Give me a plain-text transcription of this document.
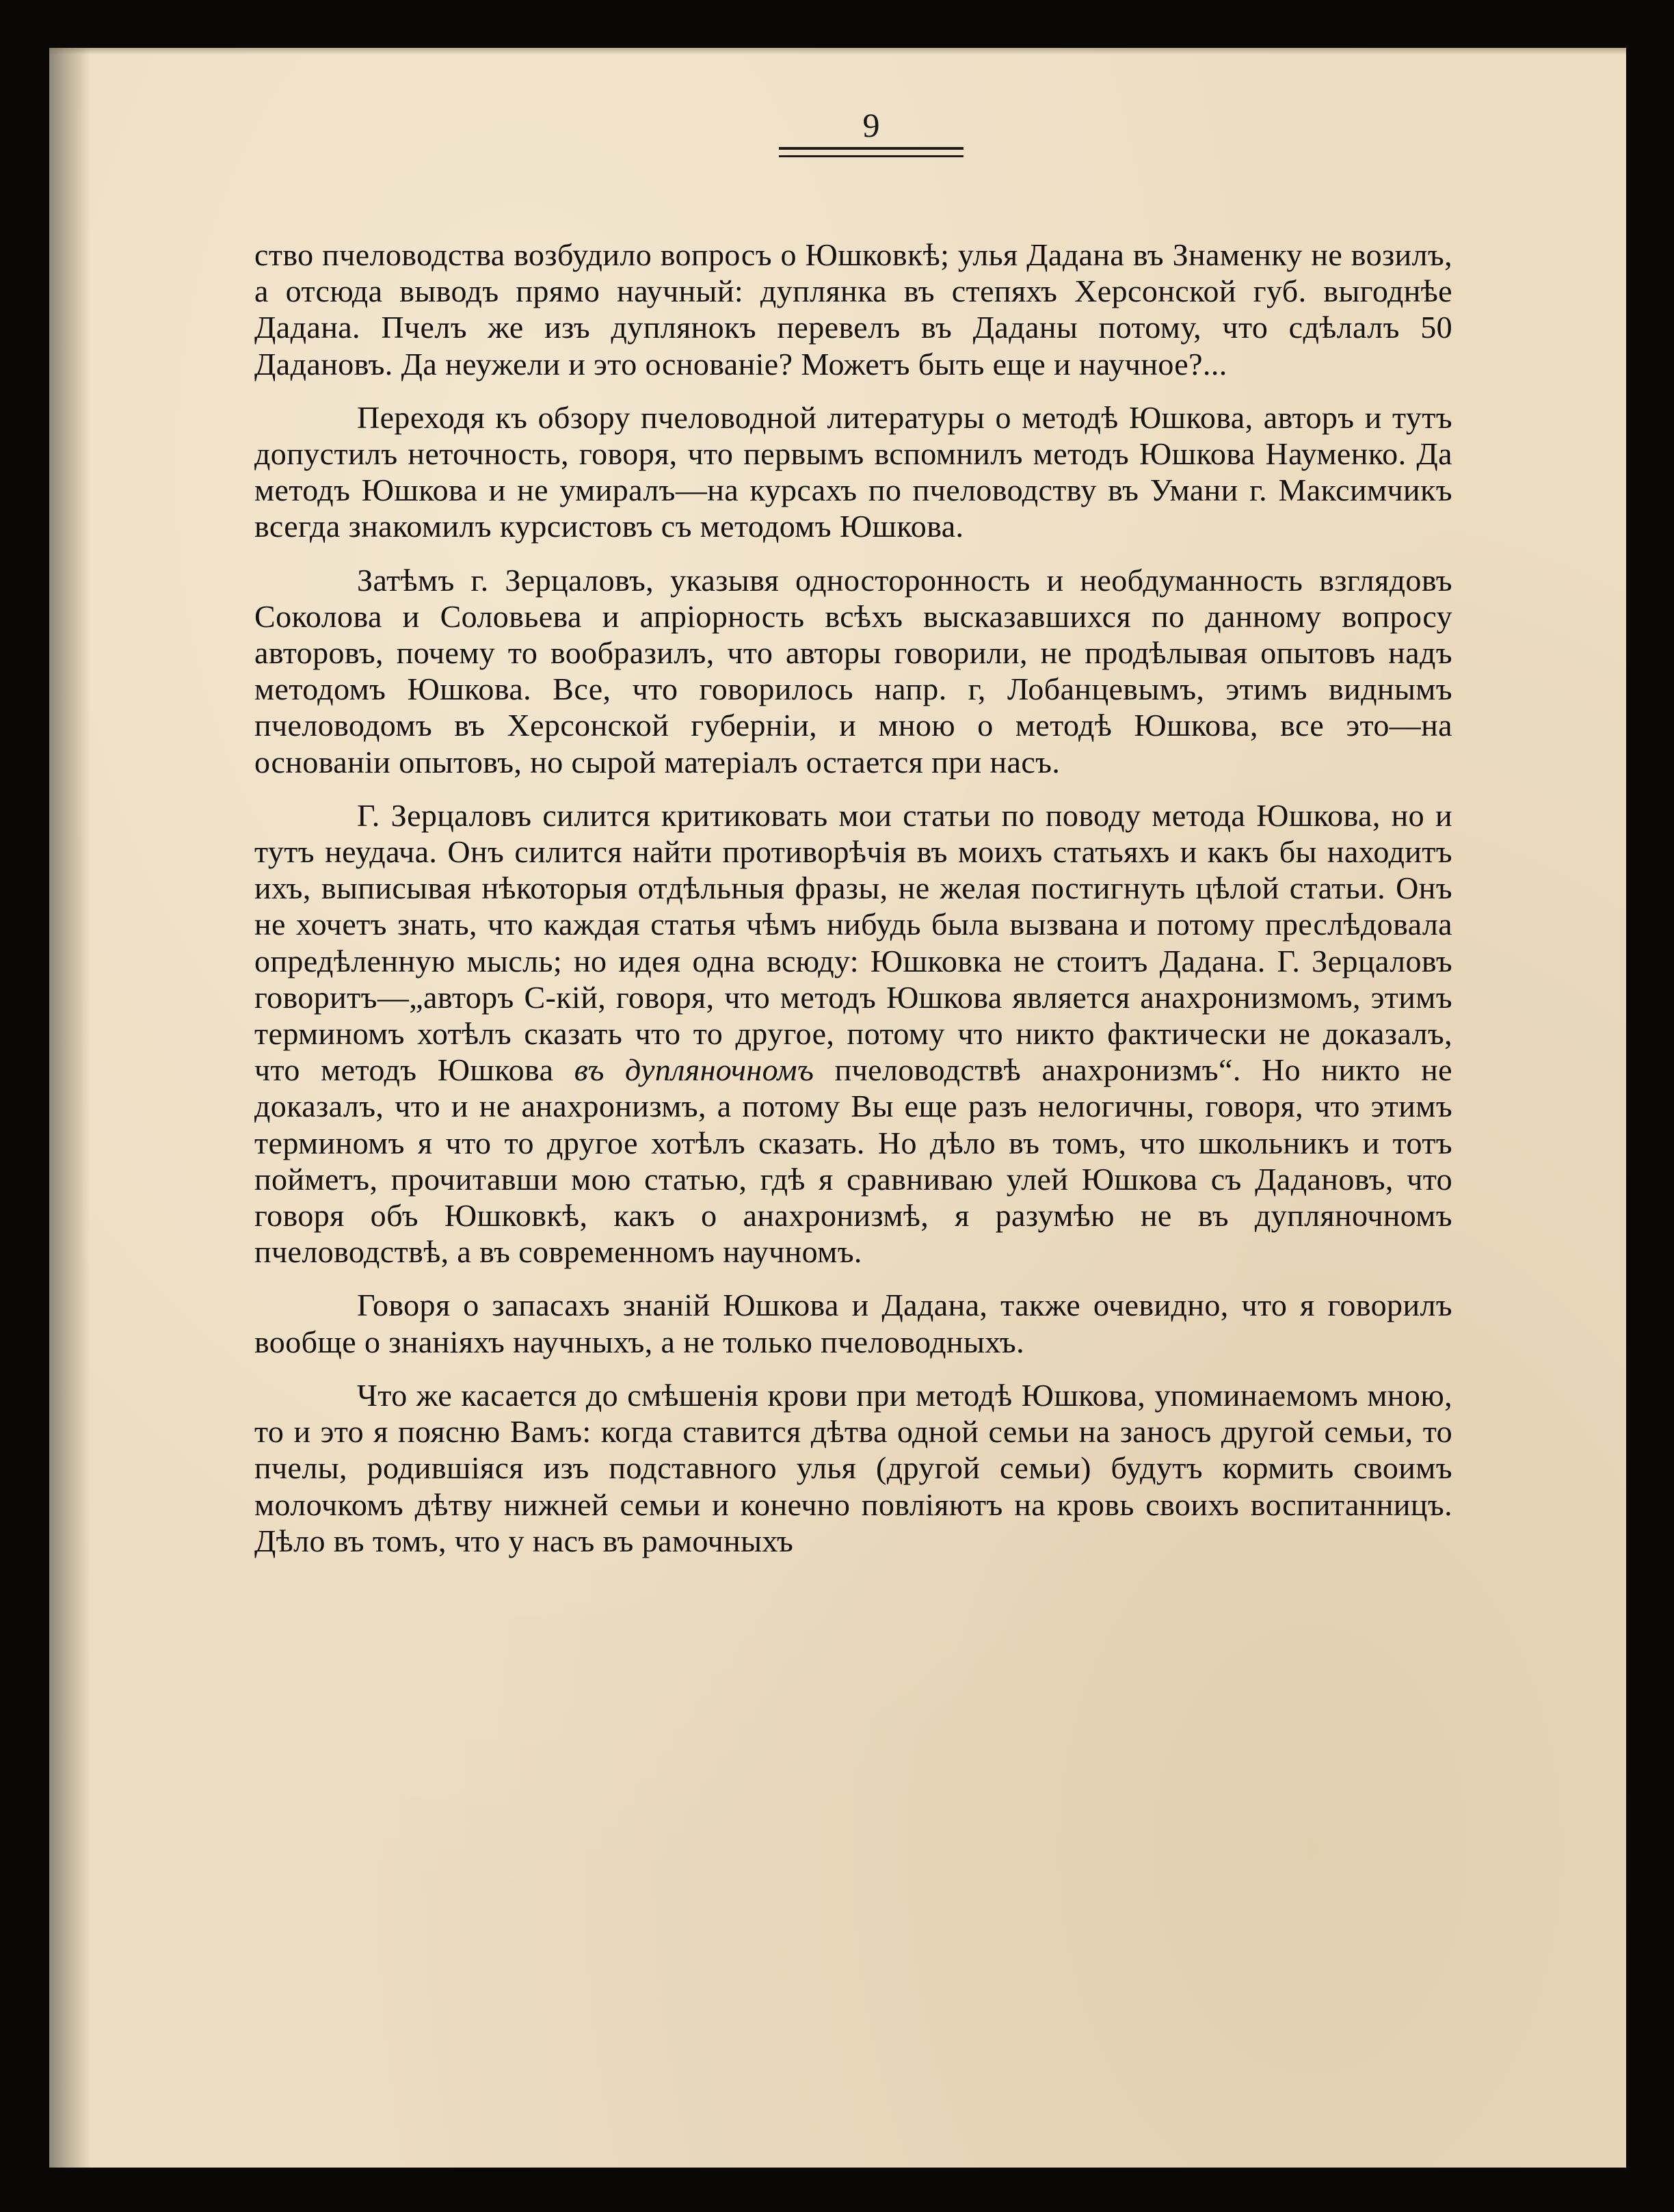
9

ство пчеловодства возбудило вопросъ о Юшковкѣ; улья Дадана въ Знаменку не возилъ, а отсюда выводъ прямо научный: дуплянка въ степяхъ Херсонской губ. выгоднѣе Дадана. Пчелъ же изъ дуплянокъ перевелъ въ Даданы потому, что сдѣлалъ 50 Дадановъ. Да неужели и это основанiе? Можетъ быть еще и научное?...

Переходя къ обзору пчеловодной литературы о методѣ Юшкова, авторъ и тутъ допустилъ неточность, говоря, что первымъ вспомнилъ методъ Юшкова Науменко. Да методъ Юшкова и не умиралъ—на курсахъ по пчеловодству въ Умани г. Максимчикъ всегда знакомилъ курсистовъ съ методомъ Юшкова.

Затѣмъ г. Зерцаловъ, указывя односторонность и необдуманность взглядовъ Соколова и Соловьева и апрiорность всѣхъ высказавшихся по данному вопросу авторовъ, почему то вообразилъ, что авторы говорили, не продѣлывая опытовъ надъ методомъ Юшкова. Все, что говорилось напр. г, Лобанцевымъ, этимъ виднымъ пчеловодомъ въ Херсонской губернiи, и мною о методѣ Юшкова, все это—на основанiи опытовъ, но сырой матерiалъ остается при насъ.

Г. Зерцаловъ силится критиковать мои статьи по поводу метода Юшкова, но и тутъ неудача. Онъ силится найти противорѣчiя въ моихъ статьяхъ и какъ бы находитъ ихъ, выписывая нѣкоторыя отдѣльныя фразы, не желая постигнуть цѣлой статьи. Онъ не хочетъ знать, что каждая статья чѣмъ нибудь была вызвана и потому преслѣдовала опредѣленную мысль; но идея одна всюду: Юшковка не стоитъ Дадана. Г. Зерцаловъ говоритъ—„авторъ С-кiй, говоря, что методъ Юшкова является анахронизмомъ, этимъ терминомъ хотѣлъ сказать что то другое, потому что никто фактически не доказалъ, что методъ Юшкова въ дупляночномъ пчеловодствѣ анахронизмъ“. Но никто не доказалъ, что и не анахронизмъ, а потому Вы еще разъ нелогичны, говоря, что этимъ терминомъ я что то другое хотѣлъ сказать. Но дѣло въ томъ, что школьникъ и тотъ пойметъ, прочитавши мою статью, гдѣ я сравниваю улей Юшкова съ Дадановъ, что говоря объ Юшковкѣ, какъ о анахронизмѣ, я разумѣю не въ дупляночномъ пчеловодствѣ, а въ современномъ научномъ.

Говоря о запасахъ знанiй Юшкова и Дадана, также очевидно, что я говорилъ вообще о знанiяхъ научныхъ, а не только пчеловодныхъ.

Что же касается до смѣшенiя крови при методѣ Юшкова, упоминаемомъ мною, то и это я поясню Вамъ: когда ставится дѣтва одной семьи на заносъ другой семьи, то пчелы, родившiяся изъ подставного улья (другой семьи) будутъ кормить своимъ молочкомъ дѣтву нижней семьи и конечно повлiяютъ на кровь своихъ воспитанницъ. Дѣло въ томъ, что у насъ въ рамочныхъ
